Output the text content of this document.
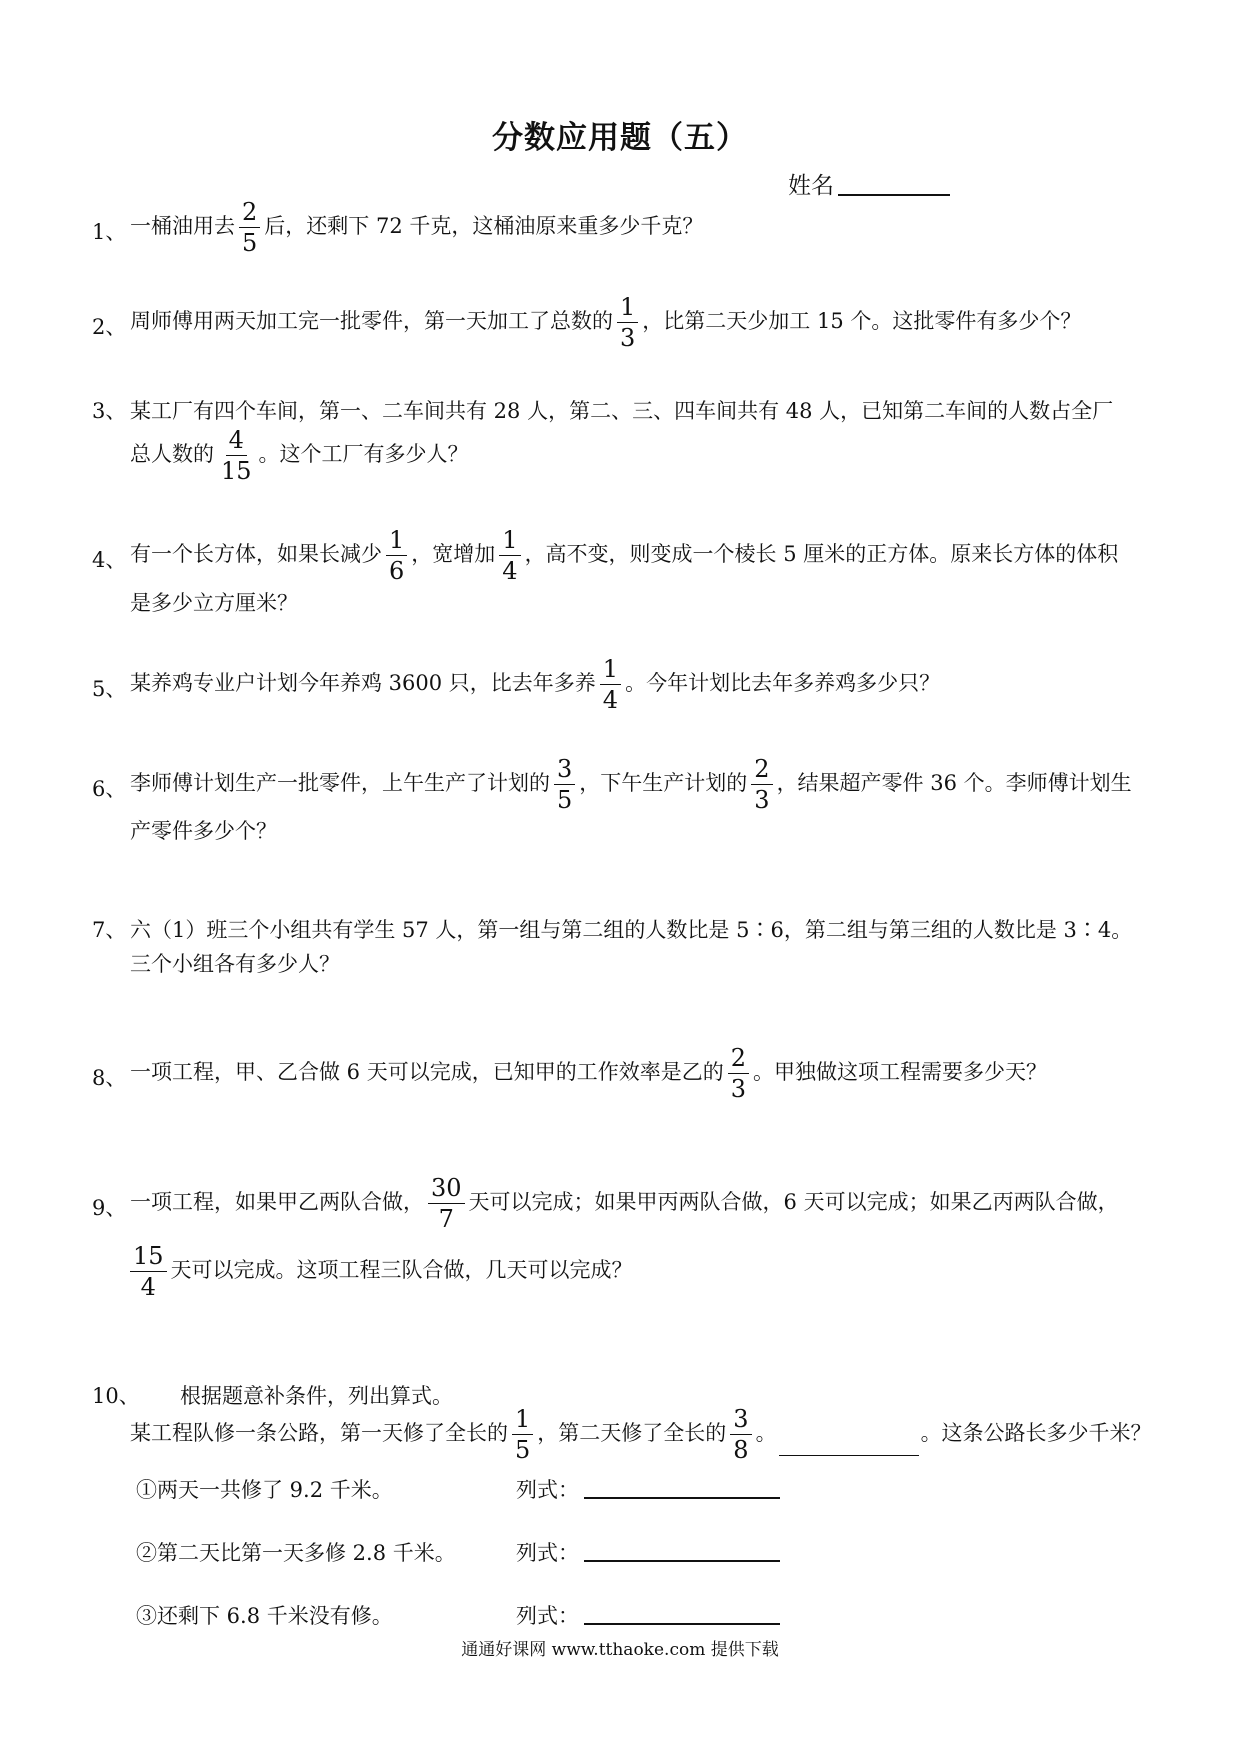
分数应用题（五）
姓名
1、 一桶油用去 $\frac{2}{5}$ 后，还剩下 72 千克，这桶油原来重多少千克？
2、 周师傅用两天加工完一批零件，第一天加工了总数的 $\frac{1}{3}$ ，比第二天少加工 15 个。这批零件有多少个？
3、 某工厂有四个车间，第一、二车间共有 28 人，第二、三、四车间共有 48 人，已知第二车间的人数占全厂
总人数的 $\frac{4}{15}$ 。这个工厂有多少人？
4、 有一个长方体，如果长减少 $\frac{1}{6}$ ，宽增加 $\frac{1}{4}$ ，高不变，则变成一个棱长 5 厘米的正方体。原来长方体的体积
是多少立方厘米？
5、 某养鸡专业户计划今年养鸡 3600 只，比去年多养 $\frac{1}{4}$ 。今年计划比去年多养鸡多少只？
6、 李师傅计划生产一批零件，上午生产了计划的 $\frac{3}{5}$ ，下午生产计划的 $\frac{2}{3}$ ，结果超产零件 36 个。李师傅计划生
产零件多少个？
7、 六（1）班三个小组共有学生 57 人，第一组与第二组的人数比是 5∶6，第二组与第三组的人数比是 3∶4。
三个小组各有多少人？
8、 一项工程，甲、乙合做 6 天可以完成，已知甲的工作效率是乙的 $\frac{2}{3}$ 。甲独做这项工程需要多少天？
9、 一项工程，如果甲乙两队合做， $\frac{30}{7}$ 天可以完成；如果甲丙两队合做，6 天可以完成；如果乙丙两队合做，
$\frac{15}{4}$ 天可以完成。这项工程三队合做，几天可以完成？
10、 根据题意补条件，列出算式。
某工程队修一条公路，第一天修了全长的 $\frac{1}{5}$ ，第二天修了全长的 $\frac{3}{8}$ 。	。这条公路长多少千米？
①两天一共修了 9.2 千米。	列式：
②第二天比第一天多修 2.8 千米。	列式：
③还剩下 6.8 千米没有修。	列式：
通通好课网 www.tthaoke.com 提供下载
